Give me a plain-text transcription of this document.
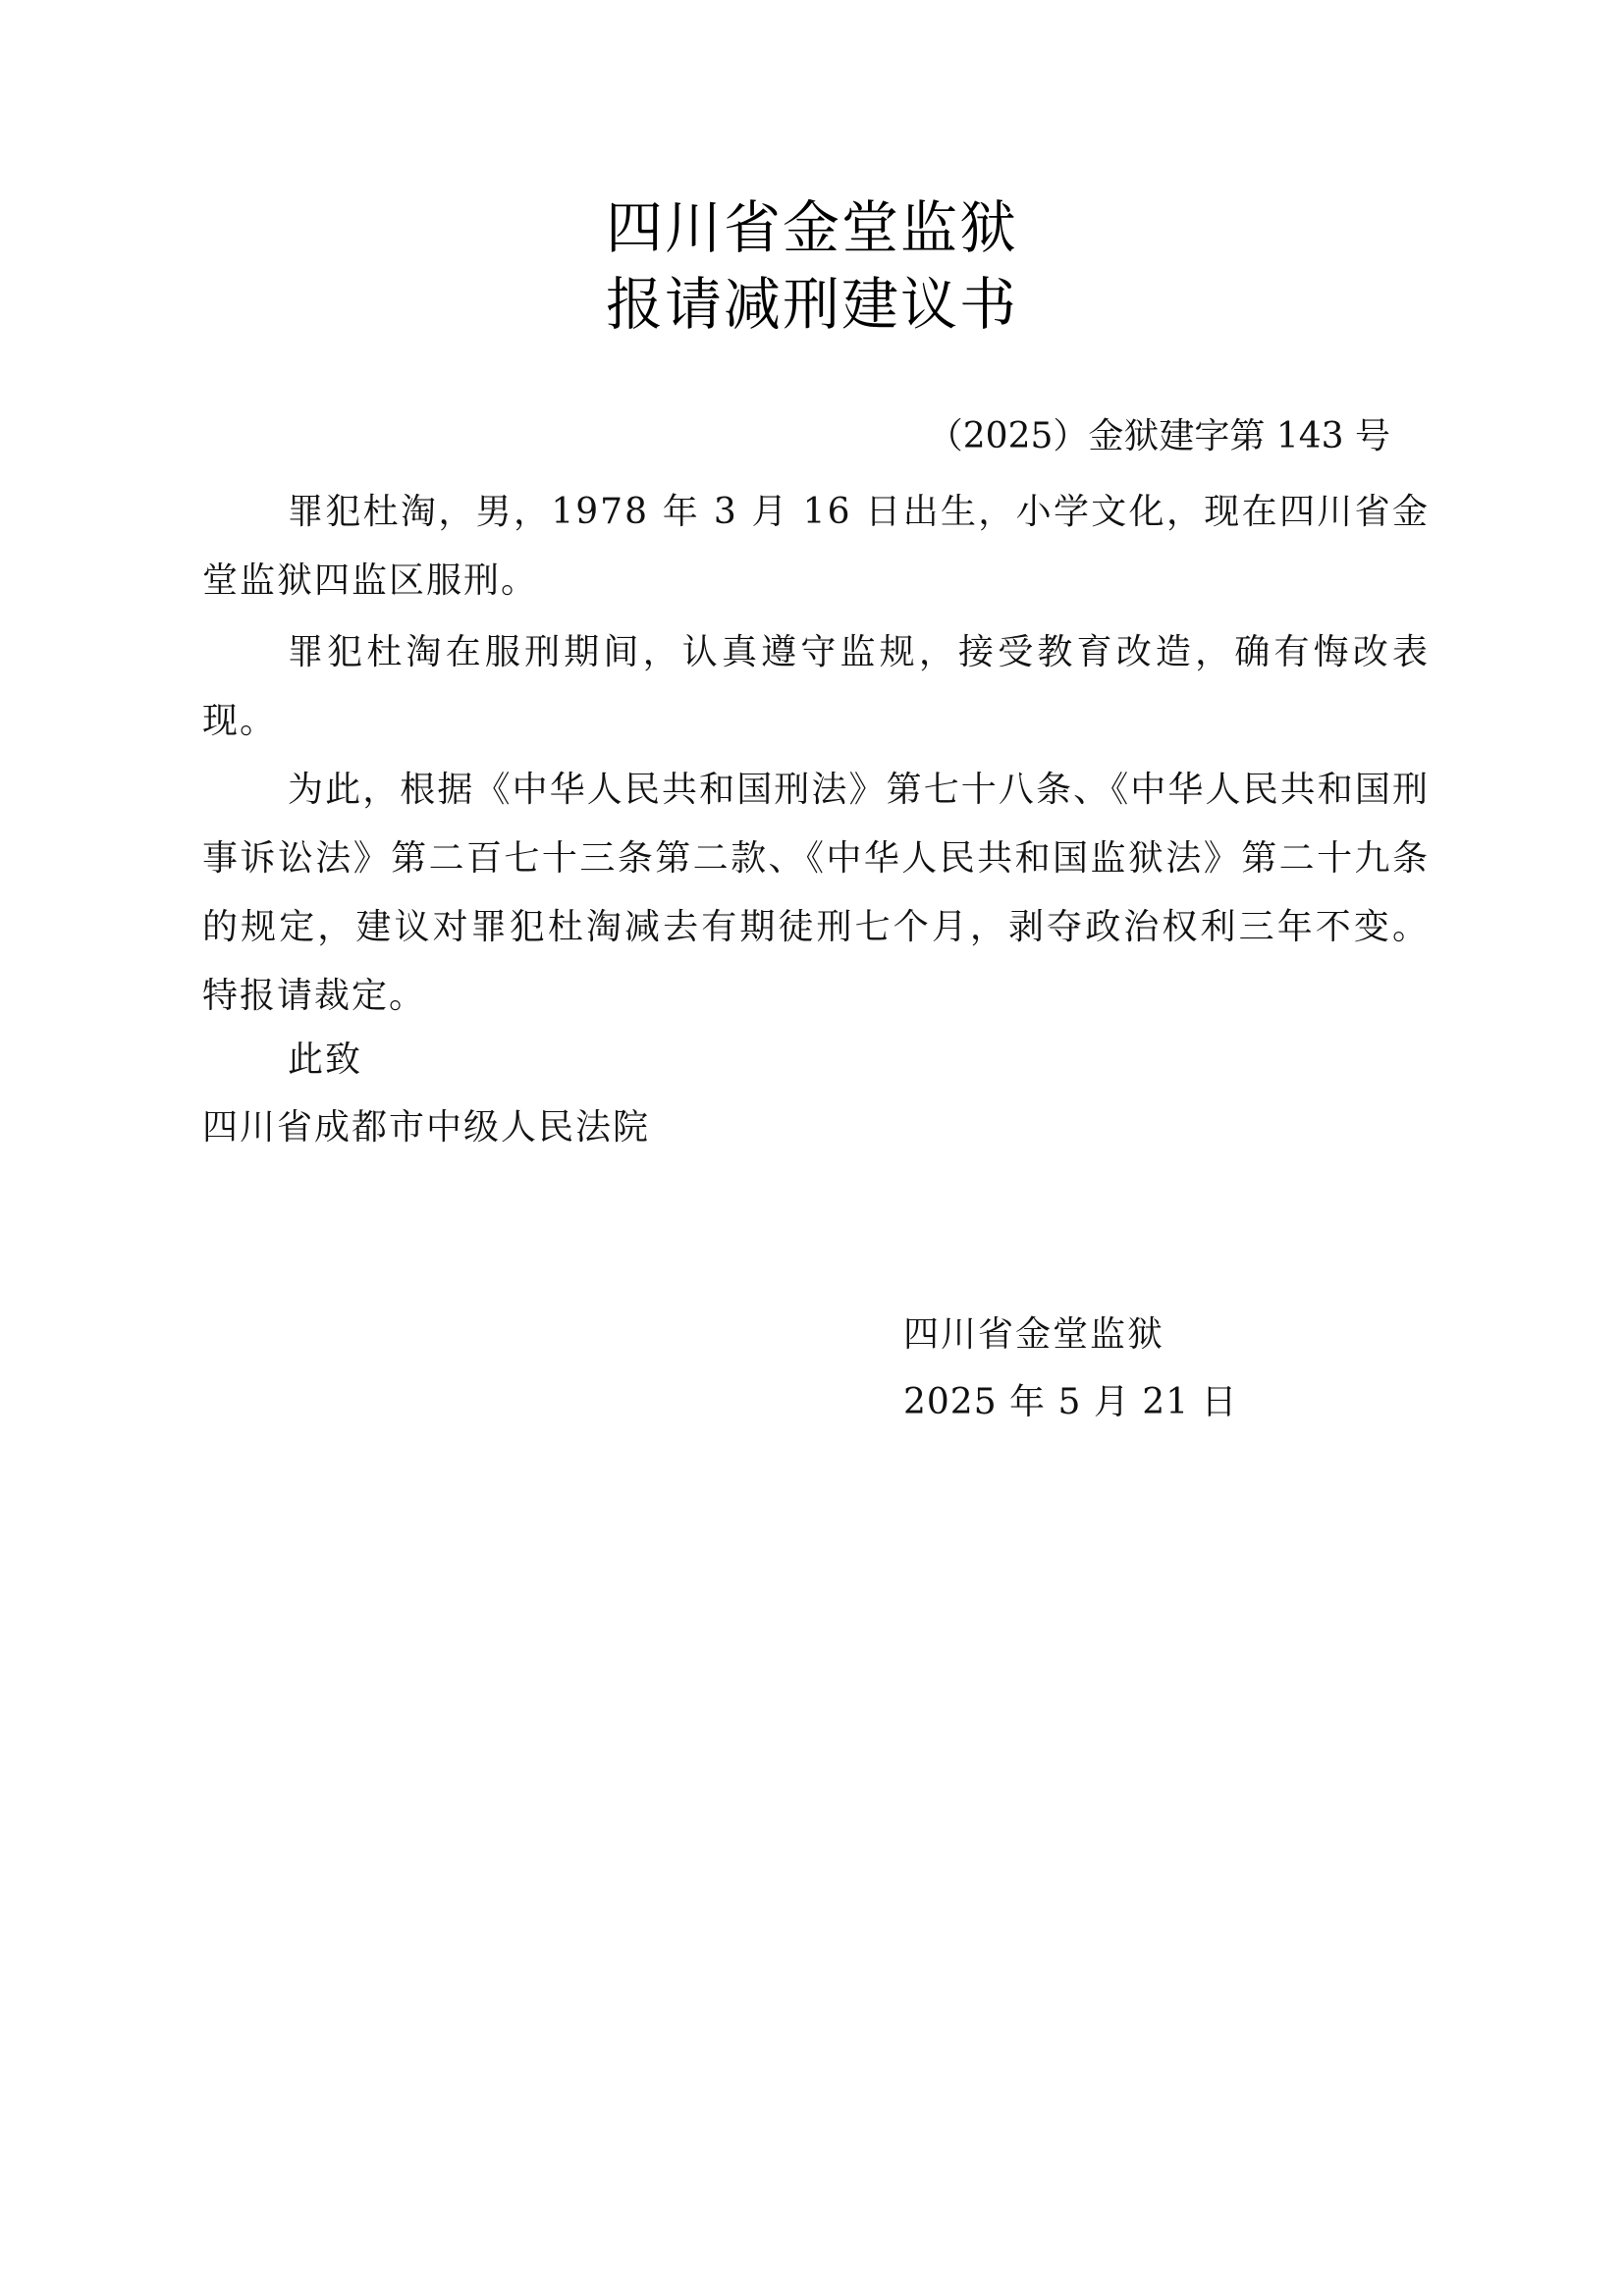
四川省金堂监狱
报请减刑建议书
（2025）金狱建字第 143 号
罪犯杜淘，男，1978 年 3 月 16 日出生，小学文化，现在四川省金堂监狱四监区服刑。
罪犯杜淘在服刑期间，认真遵守监规，接受教育改造，确有悔改表现。
为此，根据《中华人民共和国刑法》第七十八条、《中华人民共和国刑事诉讼法》第二百七十三条第二款、《中华人民共和国监狱法》第二十九条的规定，建议对罪犯杜淘减去有期徒刑七个月，剥夺政治权利三年不变。特报请裁定。
此致
四川省成都市中级人民法院
四川省金堂监狱
2025 年 5 月 21 日
